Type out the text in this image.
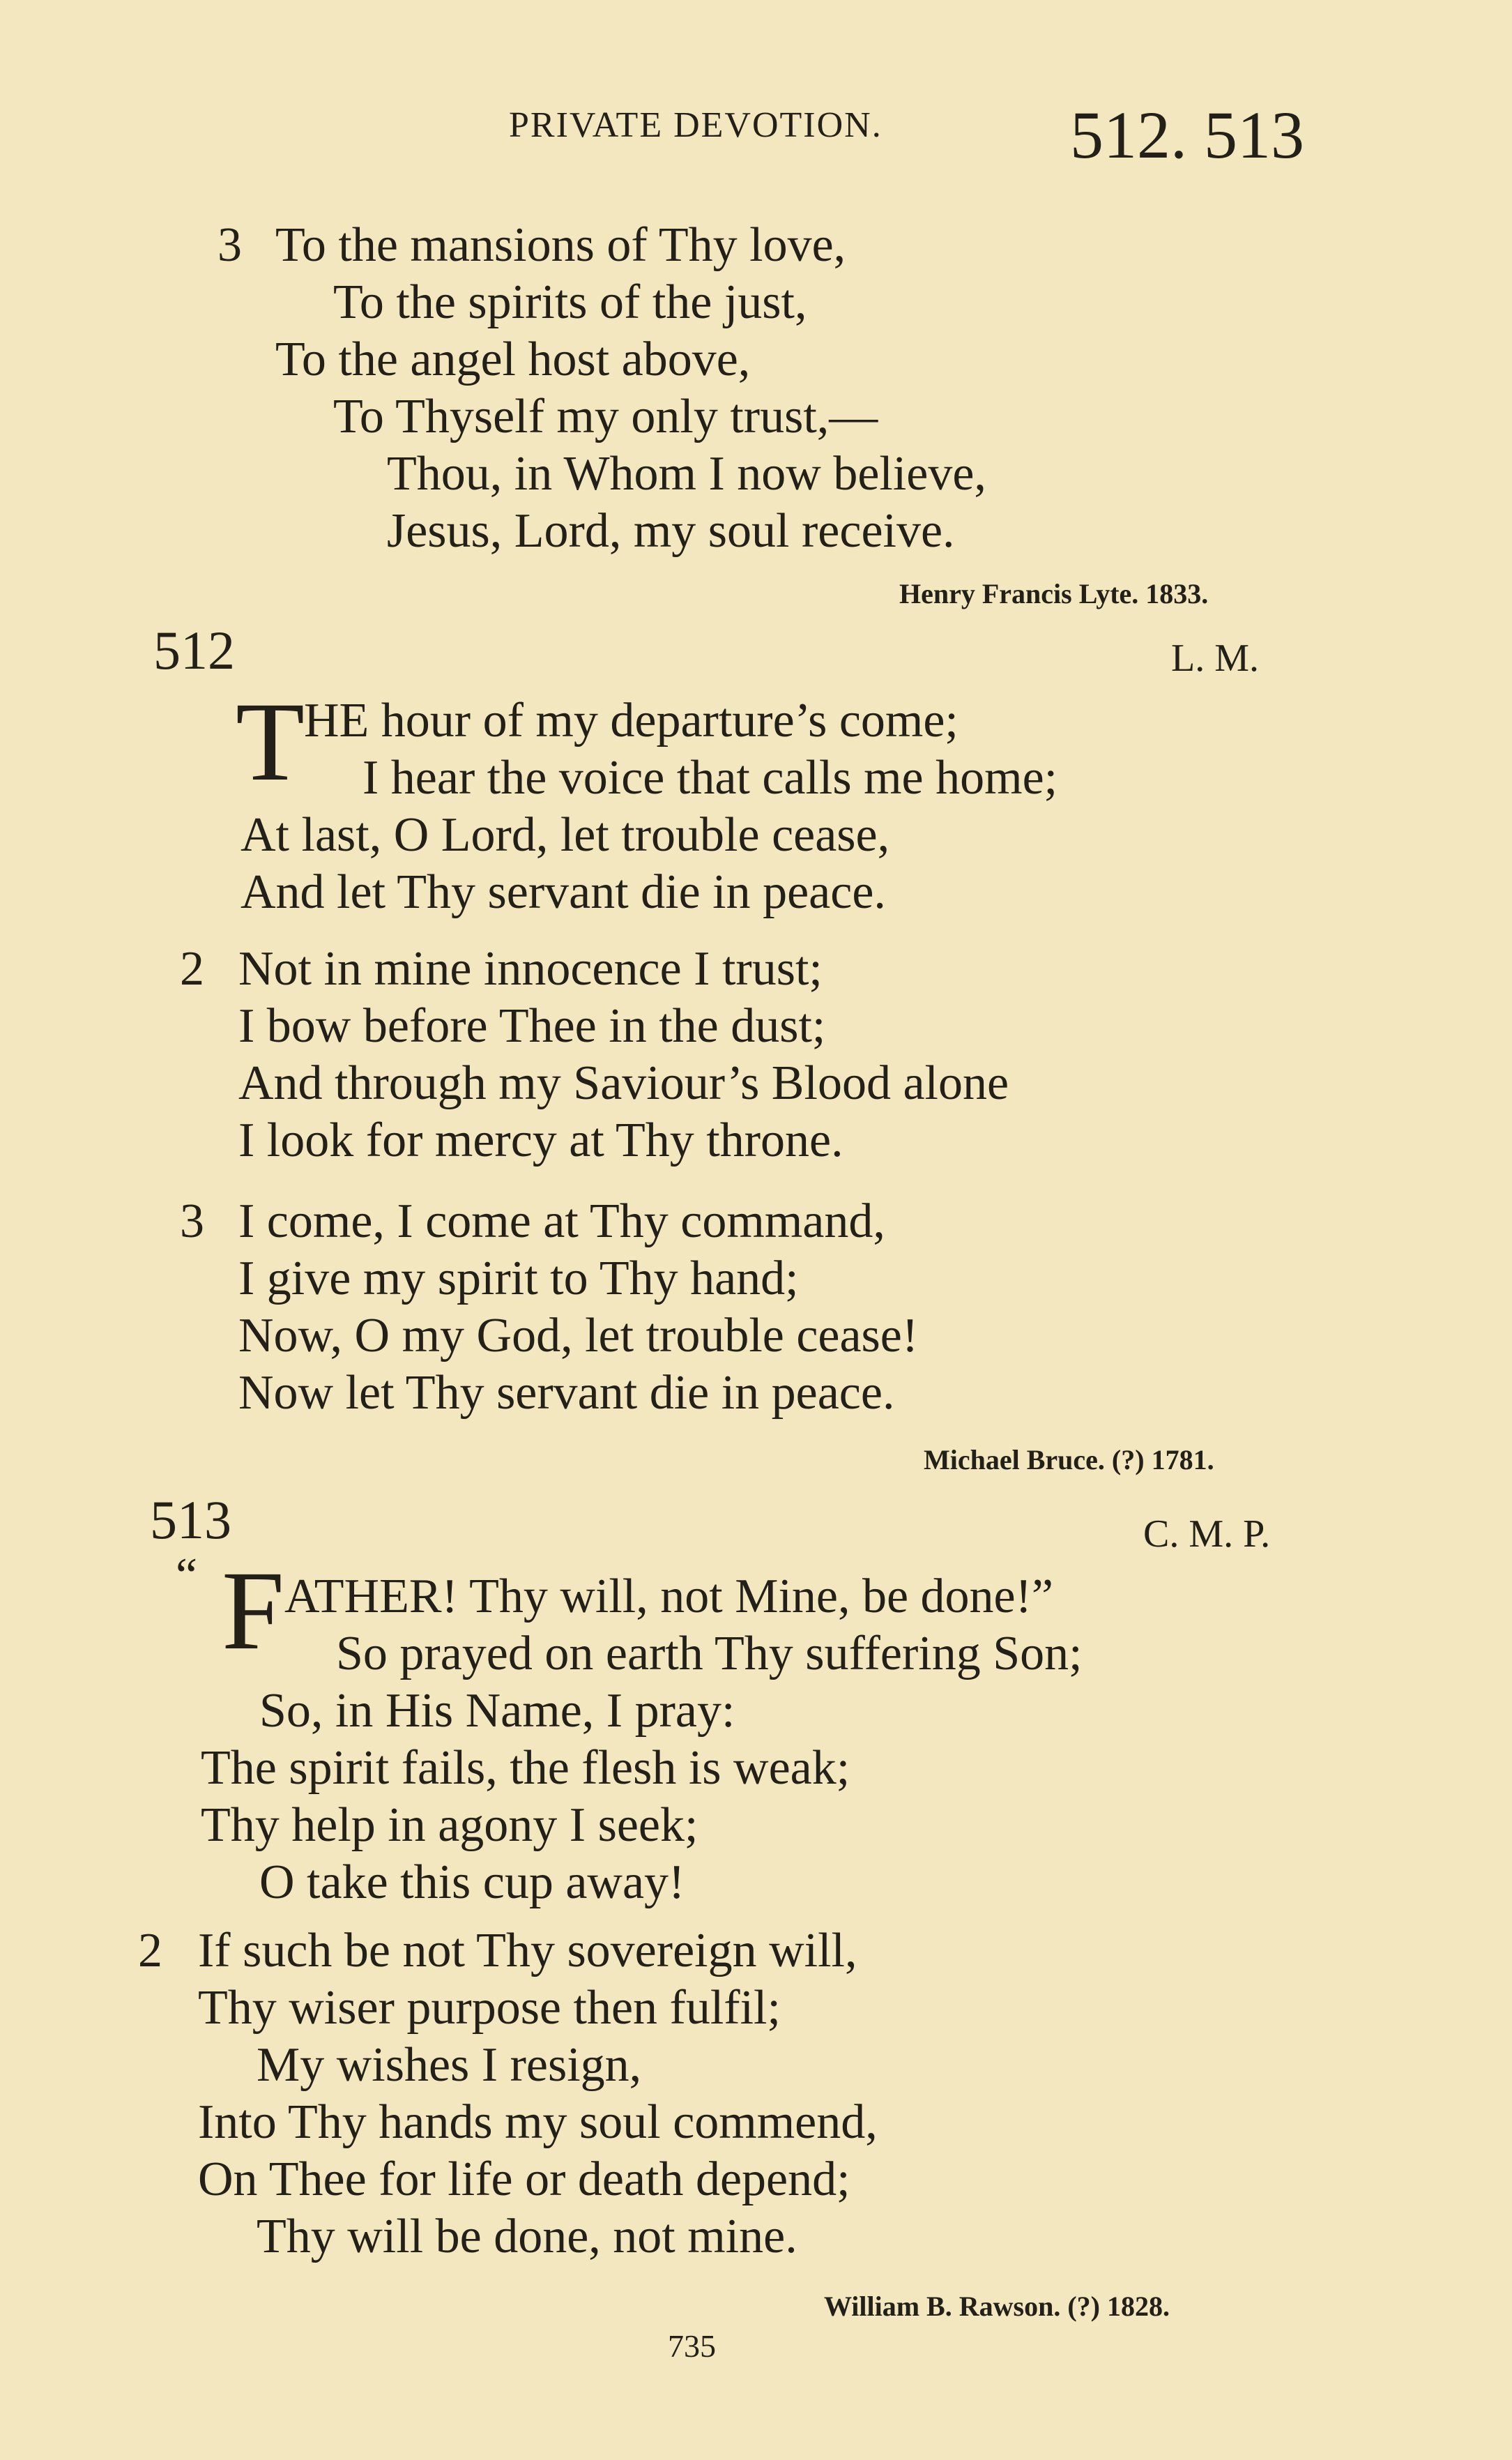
PRIVATE DEVOTION.	512. 513
3 To the mansions of Thy love,
To the spirits of the just,
To the angel host above,
To Thyself my only trust,—
Thou, in Whom I now believe,
Jesus, Lord, my soul receive.
Henry Francis Lyte. 1833.
512	L. M.
T HE hour of my departure’s come;
I hear the voice that calls me home;
At last, O Lord, let trouble cease,
And let Thy servant die in peace.
2 Not in mine innocence I trust;
I bow before Thee in the dust;
And through my Saviour’s Blood alone
I look for mercy at Thy throne.
3 I come, I come at Thy command,
I give my spirit to Thy hand;
Now, O my God, let trouble cease!
Now let Thy servant die in peace.
Michael Bruce. (?) 1781.
513	C. M. P.
“ F ATHER! Thy will, not Mine, be done!”
So prayed on earth Thy suffering Son;
So, in His Name, I pray:
The spirit fails, the flesh is weak;
Thy help in agony I seek;
O take this cup away!
2 If such be not Thy sovereign will,
Thy wiser purpose then fulfil;
My wishes I resign,
Into Thy hands my soul commend,
On Thee for life or death depend;
Thy will be done, not mine.
William B. Rawson. (?) 1828.
735
